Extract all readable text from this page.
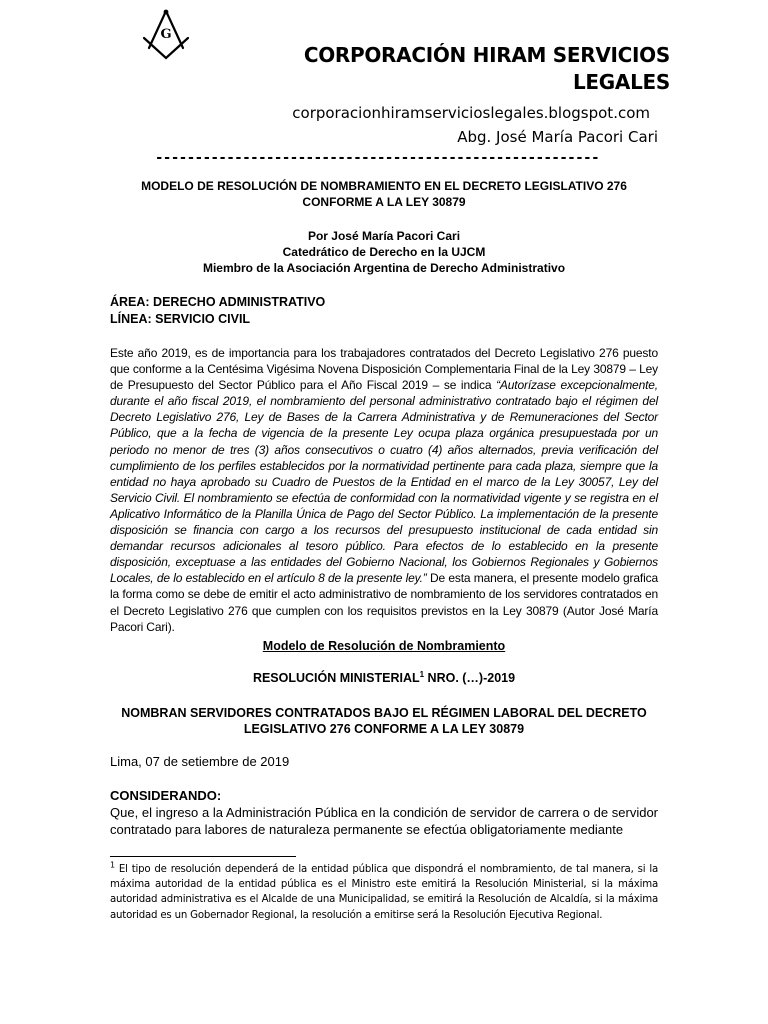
G
CORPORACIÓN HIRAM SERVICIOS
LEGALES
corporacionhiramservicioslegales.blogspot.com
Abg. José María Pacori Cari
--------------------------------------------------------
MODELO DE RESOLUCIÓN DE NOMBRAMIENTO EN EL DECRETO LEGISLATIVO 276
CONFORME A LA LEY 30879
Por José María Pacori Cari
Catedrático de Derecho en la UJCM
Miembro de la Asociación Argentina de Derecho Administrativo
ÁREA: DERECHO ADMINISTRATIVO
LÍNEA: SERVICIO CIVIL
Este año 2019, es de importancia para los trabajadores contratados del Decreto Legislativo 276 puesto que conforme a la Centésima Vigésima Novena Disposición Complementaria Final de la Ley 30879 – Ley de Presupuesto del Sector Público para el Año Fiscal 2019 – se indica “Autorízase excepcionalmente, durante el año fiscal 2019, el nombramiento del personal administrativo contratado bajo el régimen del Decreto Legislativo 276, Ley de Bases de la Carrera Administrativa y de Remuneraciones del Sector Público, que a la fecha de vigencia de la presente Ley ocupa plaza orgánica presupuestada por un periodo no menor de tres (3) años consecutivos o cuatro (4) años alternados, previa verificación del cumplimiento de los perfiles establecidos por la normatividad pertinente para cada plaza, siempre que la entidad no haya aprobado su Cuadro de Puestos de la Entidad en el marco de la Ley 30057, Ley del Servicio Civil. El nombramiento se efectúa de conformidad con la normatividad vigente y se registra en el Aplicativo Informático de la Planilla Única de Pago del Sector Público. La implementación de la presente disposición se financia con cargo a los recursos del presupuesto institucional de cada entidad sin demandar recursos adicionales al tesoro público. Para efectos de lo establecido en la presente disposición, exceptuase a las entidades del Gobierno Nacional, los Gobiernos Regionales y Gobiernos Locales, de lo establecido en el artículo 8 de la presente ley.” De esta manera, el presente modelo grafica la forma como se debe de emitir el acto administrativo de nombramiento de los servidores contratados en el Decreto Legislativo 276 que cumplen con los requisitos previstos en la Ley 30879 (Autor José María Pacori Cari).
Modelo de Resolución de Nombramiento
RESOLUCIÓN MINISTERIAL$^1$ NRO. (…)-2019
NOMBRAN SERVIDORES CONTRATADOS BAJO EL RÉGIMEN LABORAL DEL DECRETO
LEGISLATIVO 276 CONFORME A LA LEY 30879
Lima, 07 de setiembre de 2019
CONSIDERANDO:
Que, el ingreso a la Administración Pública en la condición de servidor de carrera o de servidor contratado para labores de naturaleza permanente se efectúa obligatoriamente mediante
$^1$ El tipo de resolución dependerá de la entidad pública que dispondrá el nombramiento, de tal manera, si la máxima autoridad de la entidad pública es el Ministro este emitirá la Resolución Ministerial, si la máxima autoridad administrativa es el Alcalde de una Municipalidad, se emitirá la Resolución de Alcaldía, si la máxima autoridad es un Gobernador Regional, la resolución a emitirse será la Resolución Ejecutiva Regional.
